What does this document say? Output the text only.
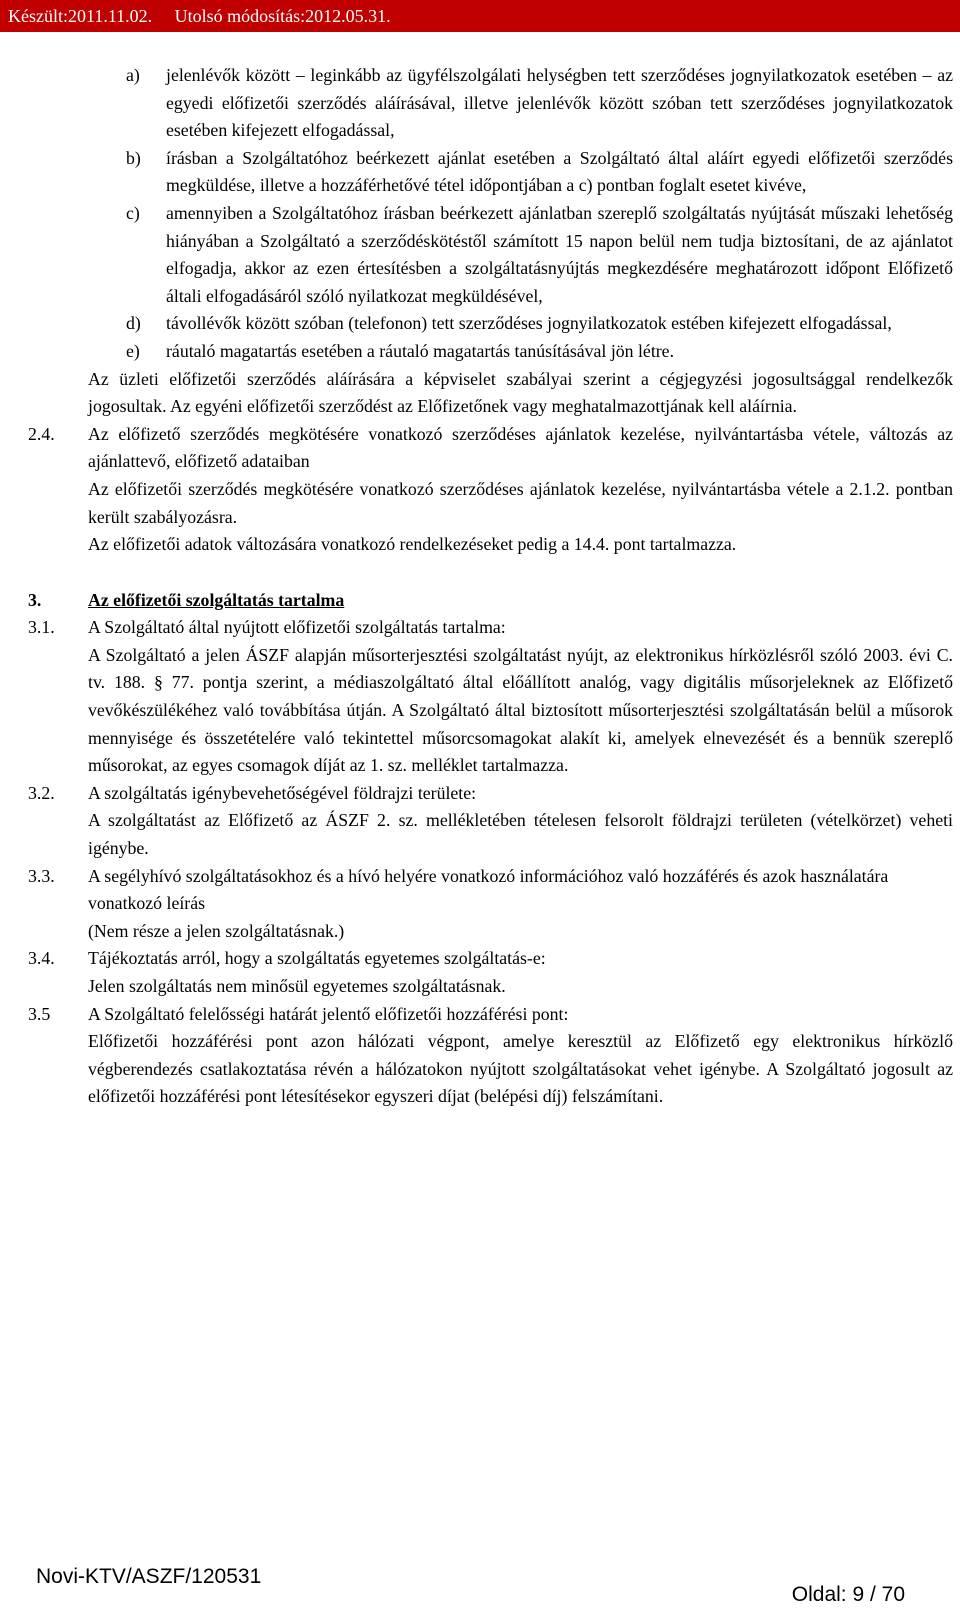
Készült:2011.11.02. Utolsó módosítás:2012.05.31.
a)	jelenlévők között – leginkább az ügyfélszolgálati helységben tett szerződéses jognyilatkozatok esetében – az egyedi előfizetői szerződés aláírásával, illetve jelenlévők között szóban tett szerződéses jognyilatkozatok esetében kifejezett elfogadással,
b)	írásban a Szolgáltatóhoz beérkezett ajánlat esetében a Szolgáltató által aláírt egyedi előfizetői szerződés megküldése, illetve a hozzáférhetővé tétel időpontjában a c) pontban foglalt esetet kivéve,
c)	amennyiben a Szolgáltatóhoz írásban beérkezett ajánlatban szereplő szolgáltatás nyújtását műszaki lehetőség hiányában a Szolgáltató a szerződéskötéstől számított 15 napon belül nem tudja biztosítani, de az ajánlatot elfogadja, akkor az ezen értesítésben a szolgáltatásnyújtás megkezdésére meghatározott időpont Előfizető általi elfogadásáról szóló nyilatkozat megküldésével,
d)	távollévők között szóban (telefonon) tett szerződéses jognyilatkozatok estében kifejezett elfogadással,
e)	ráutaló magatartás esetében a ráutaló magatartás tanúsításával jön létre.
Az üzleti előfizetői szerződés aláírására a képviselet szabályai szerint a cégjegyzési jogosultsággal rendelkezők jogosultak. Az egyéni előfizetői szerződést az Előfizetőnek vagy meghatalmazottjának kell aláírnia.
2.4.	Az előfizető szerződés megkötésére vonatkozó szerződéses ajánlatok kezelése, nyilvántartásba vétele, változás az ajánlattevő, előfizető adataiban
Az előfizetői szerződés megkötésére vonatkozó szerződéses ajánlatok kezelése, nyilvántartásba vétele a 2.1.2. pontban került szabályozásra.
Az előfizetői adatok változására vonatkozó rendelkezéseket pedig a 14.4. pont tartalmazza.
3.	Az előfizetői szolgáltatás tartalma
3.1.	A Szolgáltató által nyújtott előfizetői szolgáltatás tartalma:
A Szolgáltató a jelen ÁSZF alapján műsorterjesztési szolgáltatást nyújt, az elektronikus hírközlésről szóló 2003. évi C. tv. 188. § 77. pontja szerint, a médiaszolgáltató által előállított analóg, vagy digitális műsorjeleknek az Előfizető vevőkészülékéhez való továbbítása útján. A Szolgáltató által biztosított műsorterjesztési szolgáltatásán belül a műsorok mennyisége és összetételére való tekintettel műsorcsomagokat alakít ki, amelyek elnevezését és a bennük szereplő műsorokat, az egyes csomagok díját az 1. sz. melléklet tartalmazza.
3.2.	A szolgáltatás igénybevehetőségével földrajzi területe:
A szolgáltatást az Előfizető az ÁSZF 2. sz. mellékletében tételesen felsorolt földrajzi területen (vételkörzet) veheti igénybe.
3.3.	A segélyhívó szolgáltatásokhoz és a hívó helyére vonatkozó információhoz való hozzáférés és azok használatára vonatkozó leírás
(Nem része a jelen szolgáltatásnak.)
3.4.	Tájékoztatás arról, hogy a szolgáltatás egyetemes szolgáltatás-e:
Jelen szolgáltatás nem minősül egyetemes szolgáltatásnak.
3.5	A Szolgáltató felelősségi határát jelentő előfizetői hozzáférési pont:
Előfizetői hozzáférési pont azon hálózati végpont, amelye keresztül az Előfizető egy elektronikus hírközlő végberendezés csatlakoztatása révén a hálózatokon nyújtott szolgáltatásokat vehet igénybe. A Szolgáltató jogosult az előfizetői hozzáférési pont létesítésekor egyszeri díjat (belépési díj) felszámítani.
Novi-KTV/ASZF/120531
Oldal: 9 / 70
